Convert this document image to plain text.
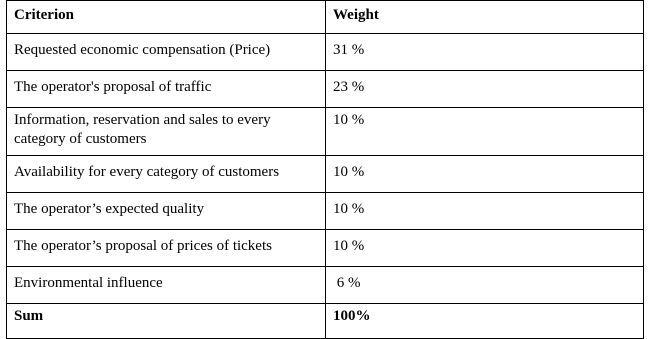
Criterion	Weight
Requested economic compensation (Price)	31 %
The operator's proposal of traffic	23 %
Information, reservation and sales to every category of customers	10 %
Availability for every category of customers	10 %
The operator’s expected quality	10 %
The operator’s proposal of prices of tickets	10 %
Environmental influence	6 %
Sum	100%
